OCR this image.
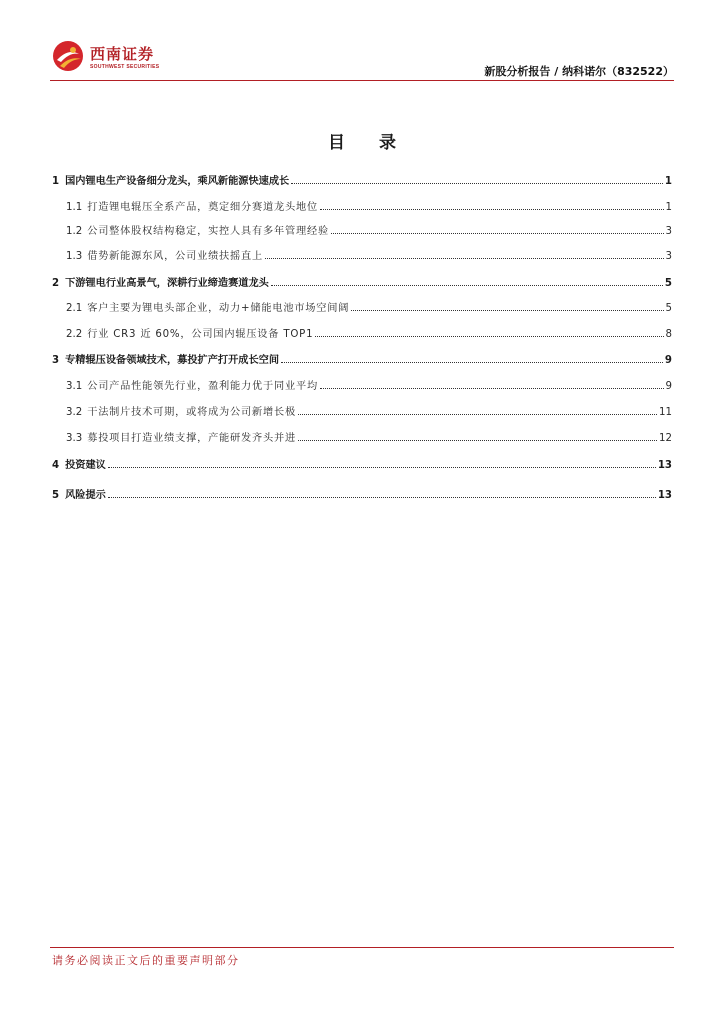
西南证券
SOUTHWEST SECURITIES	新股分析报告 / 纳科诺尔（832522）
目 录
1 国内锂电生产设备细分龙头，乘风新能源快速成长	1
1.1 打造锂电辊压全系产品，奠定细分赛道龙头地位	1
1.2 公司整体股权结构稳定，实控人具有多年管理经验	3
1.3 借势新能源东风，公司业绩扶摇直上	3
2 下游锂电行业高景气，深耕行业缔造赛道龙头	5
2.1 客户主要为锂电头部企业，动力+储能电池市场空间阔	5
2.2 行业 CR3 近 60%，公司国内辊压设备 TOP1	8
3 专精辊压设备领域技术，募投扩产打开成长空间	9
3.1 公司产品性能领先行业，盈利能力优于同业平均	9
3.2 干法制片技术可期，或将成为公司新增长极	11
3.3 募投项目打造业绩支撑，产能研发齐头并进	12
4 投资建议	13
5 风险提示	13
请务必阅读正文后的重要声明部分
